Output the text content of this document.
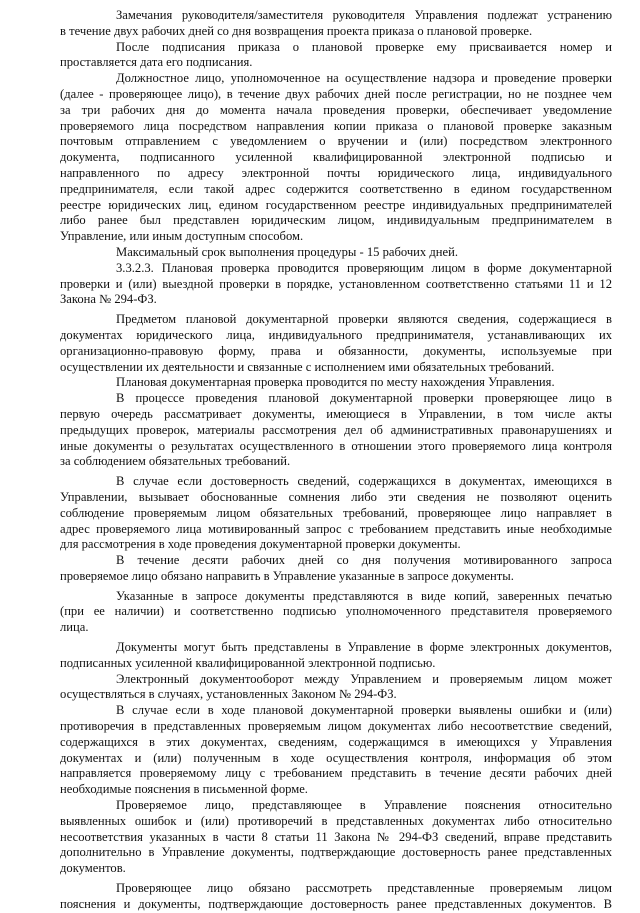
Замечания руководителя/заместителя руководителя Управления подлежат устранению
в течение двух рабочих дней со дня возвращения проекта приказа о плановой проверке.
После подписания приказа о плановой проверке ему присваивается номер и
проставляется дата его подписания.
Должностное лицо, уполномоченное на осуществление надзора и проведение проверки
(далее - проверяющее лицо), в течение двух рабочих дней после регистрации, но не позднее чем
за три рабочих дня до момента начала проведения проверки, обеспечивает уведомление
проверяемого лица посредством направления копии приказа о плановой проверке заказным
почтовым отправлением с уведомлением о вручении и (или) посредством электронного
документа, подписанного усиленной квалифицированной электронной подписью и
направленного по адресу электронной почты юридического лица, индивидуального
предпринимателя, если такой адрес содержится соответственно в едином государственном
реестре юридических лиц, едином государственном реестре индивидуальных предпринимателей
либо ранее был представлен юридическим лицом, индивидуальным предпринимателем в
Управление, или иным доступным способом.
Максимальный срок выполнения процедуры - 15 рабочих дней.
3.3.2.3. Плановая проверка проводится проверяющим лицом в форме документарной
проверки и (или) выездной проверки в порядке, установленном соответственно статьями 11 и 12
Закона № 294-ФЗ.
Предметом плановой документарной проверки являются сведения, содержащиеся в
документах юридического лица, индивидуального предпринимателя, устанавливающих их
организационно-правовую форму, права и обязанности, документы, используемые при
осуществлении их деятельности и связанные с исполнением ими обязательных требований.
Плановая документарная проверка проводится по месту нахождения Управления.
В процессе проведения плановой документарной проверки проверяющее лицо в
первую очередь рассматривает документы, имеющиеся в Управлении, в том числе акты
предыдущих проверок, материалы рассмотрения дел об административных правонарушениях и
иные документы о результатах осуществленного в отношении этого проверяемого лица контроля
за соблюдением обязательных требований.
В случае если достоверность сведений, содержащихся в документах, имеющихся в
Управлении, вызывает обоснованные сомнения либо эти сведения не позволяют оценить
соблюдение проверяемым лицом обязательных требований, проверяющее лицо направляет в
адрес проверяемого лица мотивированный запрос с требованием представить иные необходимые
для рассмотрения в ходе проведения документарной проверки документы.
В течение десяти рабочих дней со дня получения мотивированного запроса
проверяемое лицо обязано направить в Управление указанные в запросе документы.
Указанные в запросе документы представляются в виде копий, заверенных печатью
(при ее наличии) и соответственно подписью уполномоченного представителя проверяемого
лица.
Документы могут быть представлены в Управление в форме электронных документов,
подписанных усиленной квалифицированной электронной подписью.
Электронный документооборот между Управлением и проверяемым лицом может
осуществляться в случаях, установленных Законом № 294-ФЗ.
В случае если в ходе плановой документарной проверки выявлены ошибки и (или)
противоречия в представленных проверяемым лицом документах либо несоответствие сведений,
содержащихся в этих документах, сведениям, содержащимся в имеющихся у Управления
документах и (или) полученным в ходе осуществления контроля, информация об этом
направляется проверяемому лицу с требованием представить в течение десяти рабочих дней
необходимые пояснения в письменной форме.
Проверяемое лицо, представляющее в Управление пояснения относительно
выявленных ошибок и (или) противоречий в представленных документах либо относительно
несоответствия указанных в части 8 статьи 11 Закона № 294-ФЗ сведений, вправе представить
дополнительно в Управление документы, подтверждающие достоверность ранее представленных
документов.
Проверяющее лицо обязано рассмотреть представленные проверяемым лицом
пояснения и документы, подтверждающие достоверность ранее представленных документов. В
